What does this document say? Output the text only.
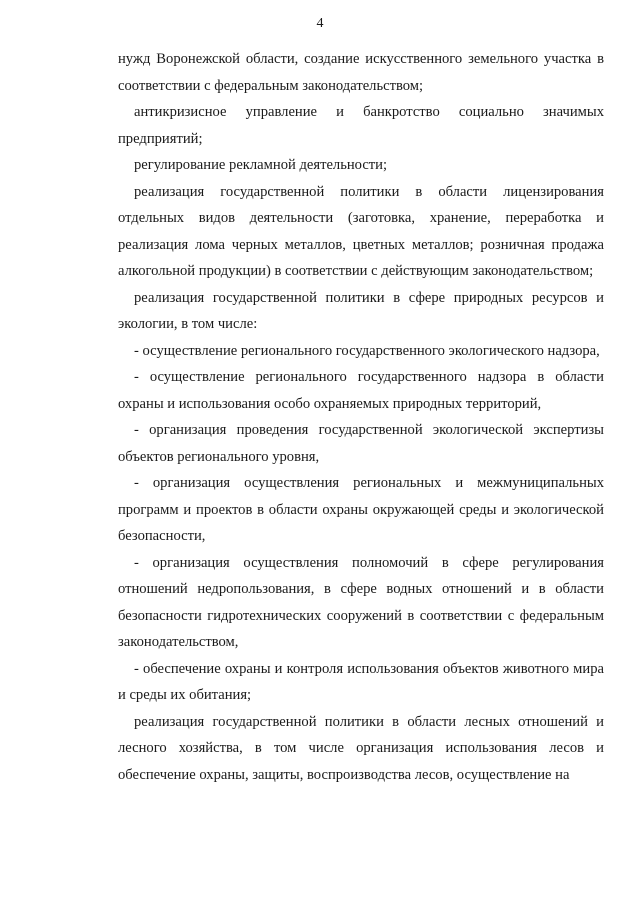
4

нужд Воронежской области, создание искусственного земельного участка в соответствии с федеральным законодательством;

антикризисное управление и банкротство социально значимых предприятий;

регулирование рекламной деятельности;

реализация государственной политики в области лицензирования отдельных видов деятельности (заготовка, хранение, переработка и реализация лома черных металлов, цветных металлов; розничная продажа алкогольной продукции) в соответствии с действующим законодательством;

реализация государственной политики в сфере природных ресурсов и экологии, в том числе:

- осуществление регионального государственного экологического надзора,

- осуществление регионального государственного надзора в области охраны и использования особо охраняемых природных территорий,

- организация проведения государственной экологической экспертизы объектов регионального уровня,

- организация осуществления региональных и межмуниципальных программ и проектов в области охраны окружающей среды и экологической безопасности,

- организация осуществления полномочий в сфере регулирования отношений недропользования, в сфере водных отношений и в области безопасности гидротехнических сооружений в соответствии с федеральным законодательством,

- обеспечение охраны и контроля использования объектов животного мира и среды их обитания;

реализация государственной политики в области лесных отношений и лесного хозяйства, в том числе организация использования лесов и обеспечение охраны, защиты, воспроизводства лесов, осуществление на
